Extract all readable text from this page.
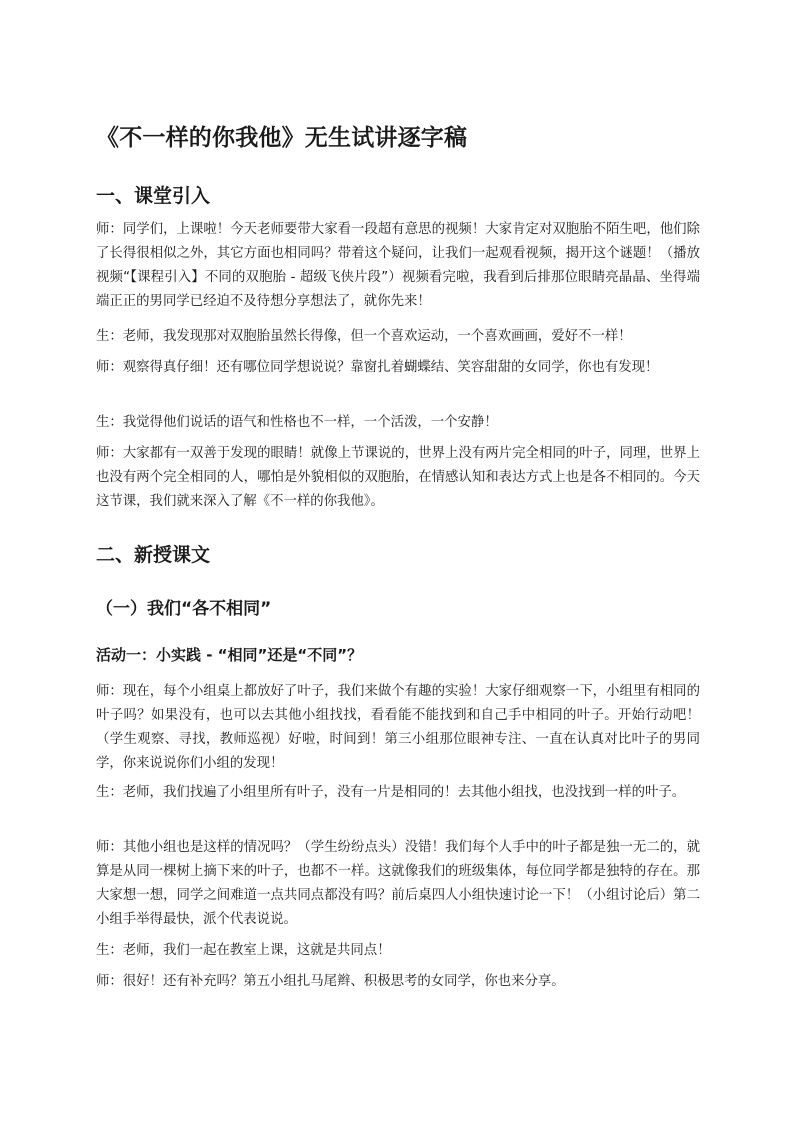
《不一样的你我他》无生试讲逐字稿
一、课堂引入

师：同学们，上课啦！今天老师要带大家看一段超有意思的视频！大家肯定对双胞胎不陌生吧，他们除了长得很相似之外，其它方面也相同吗？带着这个疑问，让我们一起观看视频，揭开这个谜题！（播放视频“【课程引入】不同的双胞胎 - 超级飞侠片段”）视频看完啦，我看到后排那位眼睛亮晶晶、坐得端端正正的男同学已经迫不及待想分享想法了，就你先来！

生：老师，我发现那对双胞胎虽然长得像，但一个喜欢运动，一个喜欢画画，爱好不一样！

师：观察得真仔细！还有哪位同学想说说？靠窗扎着蝴蝶结、笑容甜甜的女同学，你也有发现！

生：我觉得他们说话的语气和性格也不一样，一个活泼，一个安静！

师：大家都有一双善于发现的眼睛！就像上节课说的，世界上没有两片完全相同的叶子，同理，世界上也没有两个完全相同的人，哪怕是外貌相似的双胞胎，在情感认知和表达方式上也是各不相同的。今天这节课，我们就来深入了解《不一样的你我他》。

二、新授课文
（一）我们“各不相同”
活动一：小实践 - “相同”还是“不同”？

师：现在，每个小组桌上都放好了叶子，我们来做个有趣的实验！大家仔细观察一下，小组里有相同的叶子吗？如果没有，也可以去其他小组找找，看看能不能找到和自己手中相同的叶子。开始行动吧！（学生观察、寻找，教师巡视）好啦，时间到！第三小组那位眼神专注、一直在认真对比叶子的男同学，你来说说你们小组的发现！

生：老师，我们找遍了小组里所有叶子，没有一片是相同的！去其他小组找，也没找到一样的叶子。

师：其他小组也是这样的情况吗？（学生纷纷点头）没错！我们每个人手中的叶子都是独一无二的，就算是从同一棵树上摘下来的叶子，也都不一样。这就像我们的班级集体，每位同学都是独特的存在。那大家想一想，同学之间难道一点共同点都没有吗？前后桌四人小组快速讨论一下！（小组讨论后）第二小组手举得最快，派个代表说说。

生：老师，我们一起在教室上课，这就是共同点！

师：很好！还有补充吗？第五小组扎马尾辫、积极思考的女同学，你也来分享。
